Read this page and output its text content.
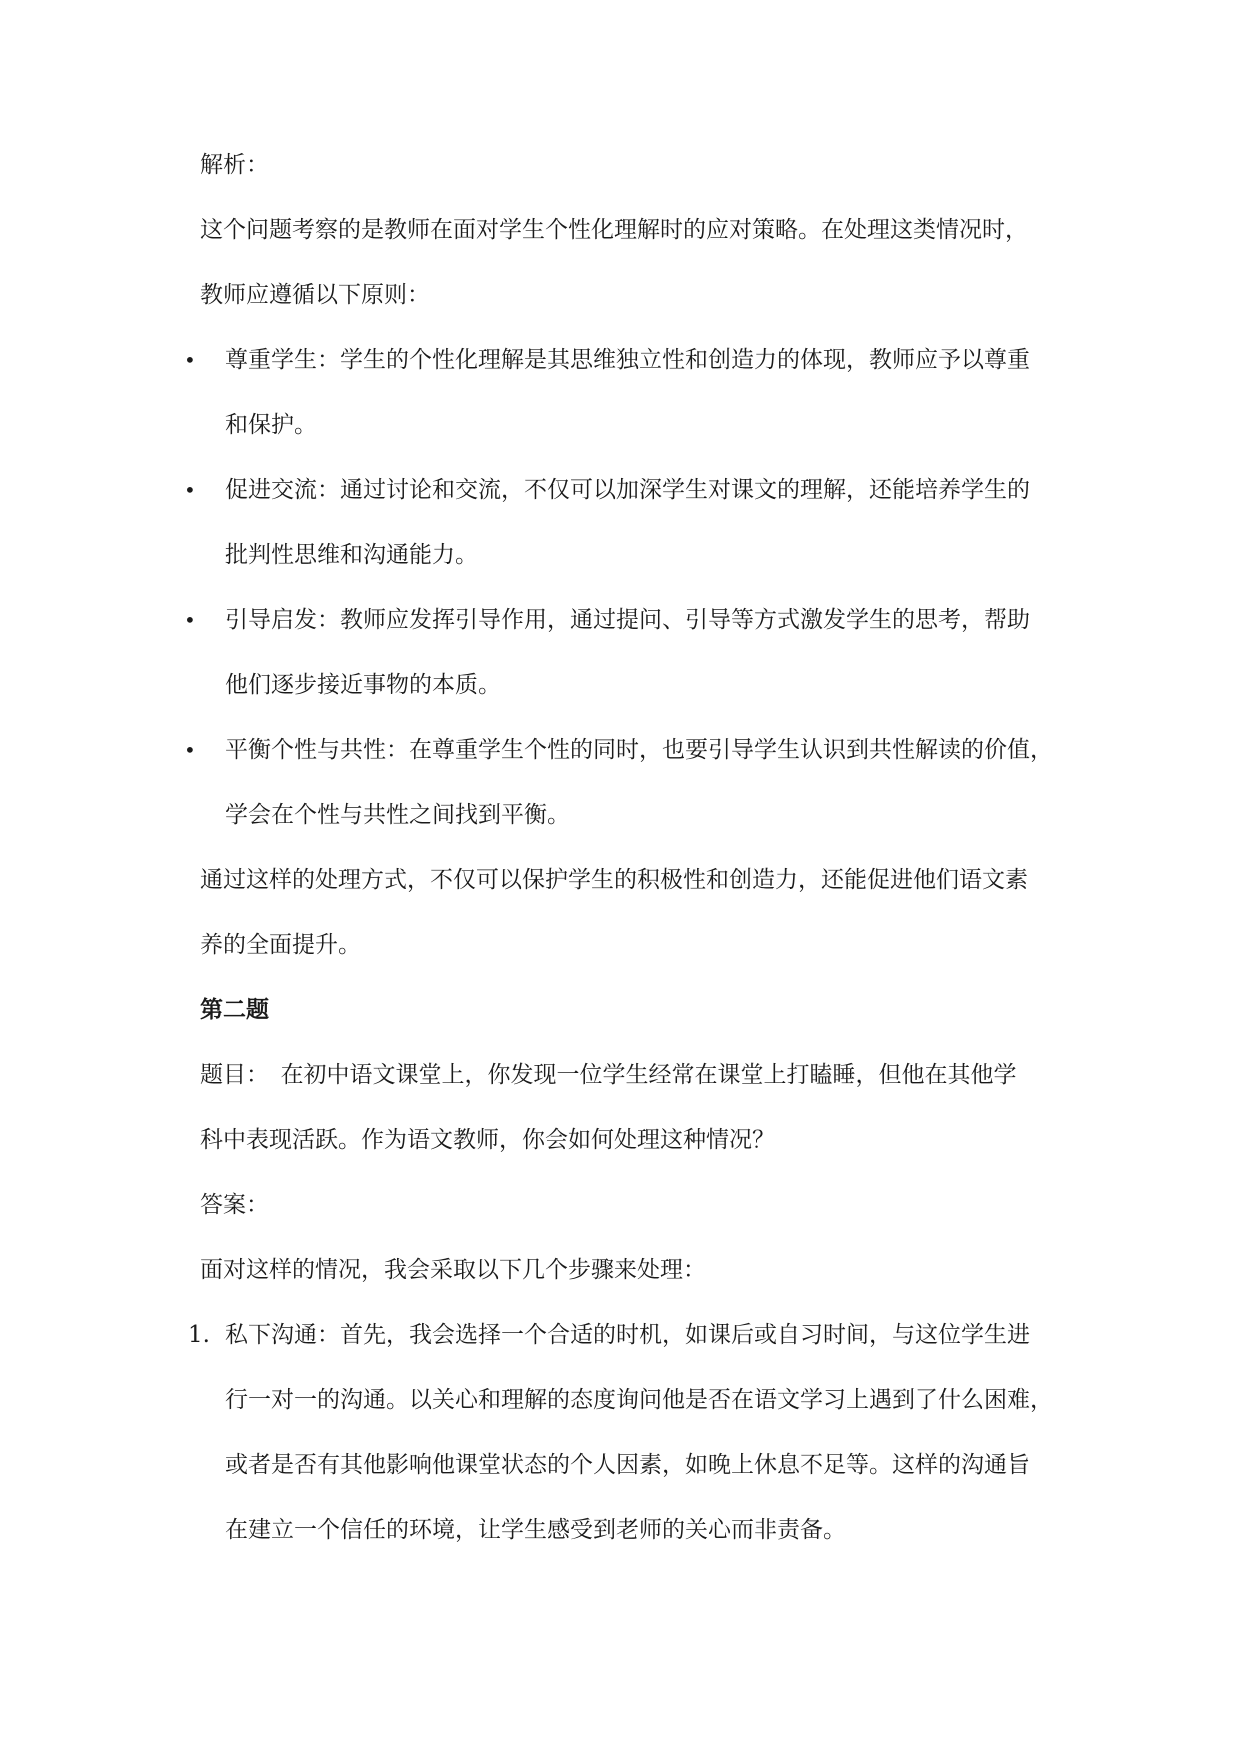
解析：
这个问题考察的是教师在面对学生个性化理解时的应对策略。在处理这类情况时，
教师应遵循以下原则：
• 尊重学生：学生的个性化理解是其思维独立性和创造力的体现，教师应予以尊重
和保护。
• 促进交流：通过讨论和交流，不仅可以加深学生对课文的理解，还能培养学生的
批判性思维和沟通能力。
• 引导启发：教师应发挥引导作用，通过提问、引导等方式激发学生的思考，帮助
他们逐步接近事物的本质。
• 平衡个性与共性：在尊重学生个性的同时，也要引导学生认识到共性解读的价值，
学会在个性与共性之间找到平衡。
通过这样的处理方式，不仅可以保护学生的积极性和创造力，还能促进他们语文素
养的全面提升。
第二题
题目：　在初中语文课堂上，你发现一位学生经常在课堂上打瞌睡，但他在其他学
科中表现活跃。作为语文教师，你会如何处理这种情况？
答案：
面对这样的情况，我会采取以下几个步骤来处理：
1. 私下沟通：首先，我会选择一个合适的时机，如课后或自习时间，与这位学生进
行一对一的沟通。以关心和理解的态度询问他是否在语文学习上遇到了什么困难，
或者是否有其他影响他课堂状态的个人因素，如晚上休息不足等。这样的沟通旨
在建立一个信任的环境，让学生感受到老师的关心而非责备。
